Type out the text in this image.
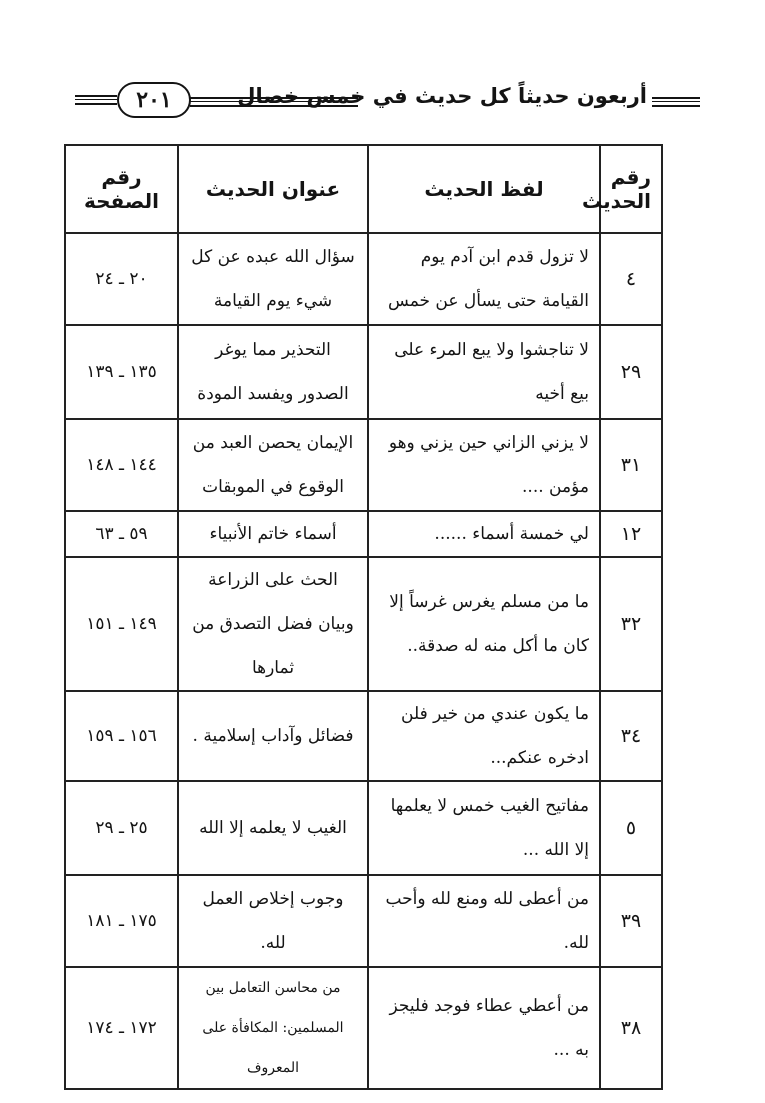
٢٠١	أربعون حديثاً كل حديث في خمس خصال
رقم الحديث	لفظ الحديث	عنوان الحديث	رقم الصفحة
٤	لا تزول قدم ابن آدم يوم القيامة حتى يسأل عن خمس	سؤال الله عبده عن كل شيء يوم القيامة	٢٠ ـ ٢٤
٢٩	لا تناجشوا ولا يبع المرء على بيع أخيه	التحذير مما يوغر الصدور ويفسد المودة	١٣٥ ـ ١٣٩
٣١	لا يزني الزاني حين يزني وهو مؤمن ....	الإيمان يحصن العبد من الوقوع في الموبقات	١٤٤ ـ ١٤٨
١٢	لي خمسة أسماء ......	أسماء خاتم الأنبياء	٥٩ ـ ٦٣
٣٢	ما من مسلم يغرس غرساً إلا كان ما أكل منه له صدقة..	الحث على الزراعة وبيان فضل التصدق من ثمارها	١٤٩ ـ ١٥١
٣٤	ما يكون عندي من خير فلن ادخره عنكم...	فضائل وآداب إسلامية .	١٥٦ ـ ١٥٩
٥	مفاتيح الغيب خمس لا يعلمها إلا الله ...	الغيب لا يعلمه إلا الله	٢٥ ـ ٢٩
٣٩	من أعطى لله ومنع لله وأحب لله.	وجوب إخلاص العمل لله.	١٧٥ ـ ١٨١
٣٨	من أعطي عطاء فوجد فليجز به ...	من محاسن التعامل بين المسلمين: المكافأة على المعروف	١٧٢ ـ ١٧٤
